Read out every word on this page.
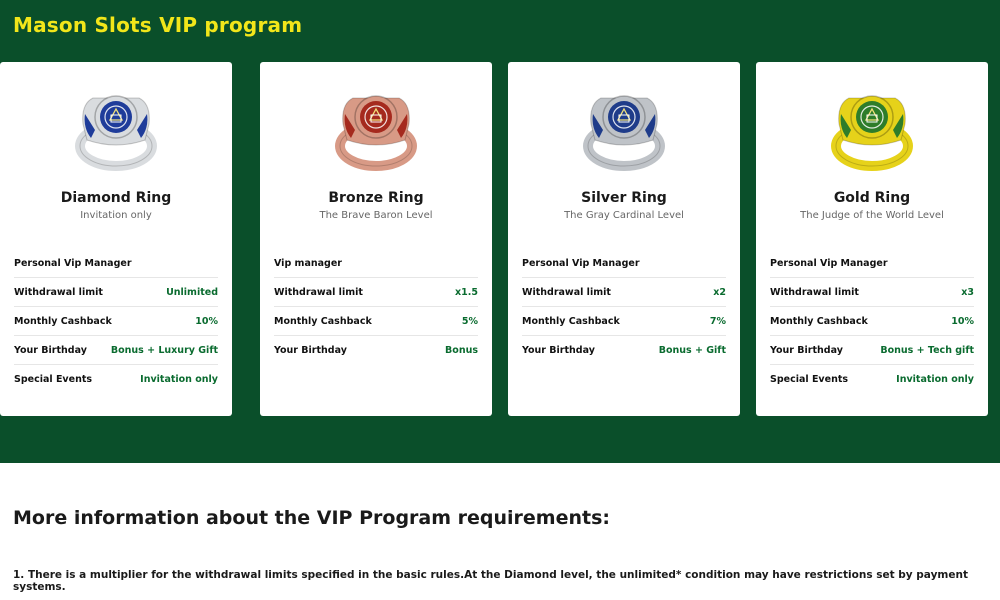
Mason Slots VIP program
Bronze Ring
The Brave Baron Level
Vip manager
Withdrawal limit	x1.5
Monthly Cashback	5%
Your Birthday	Bonus
Silver Ring
The Gray Cardinal Level
Personal Vip Manager
Withdrawal limit	x2
Monthly Cashback	7%
Your Birthday	Bonus + Gift
Gold Ring
The Judge of the World Level
Personal Vip Manager
Withdrawal limit	x3
Monthly Cashback	10%
Your Birthday	Bonus + Tech gift
Special Events	Invitation only
Diamond Ring
Invitation only
Personal Vip Manager
Withdrawal limit	Unlimited
Monthly Cashback	10%
Your Birthday	Bonus + Luxury Gift
Special Events	Invitation only
More information about the VIP Program requirements:
1. There is a multiplier for the withdrawal limits specified in the basic rules.At the Diamond level, the unlimited* condition may have restrictions set by payment systems.
